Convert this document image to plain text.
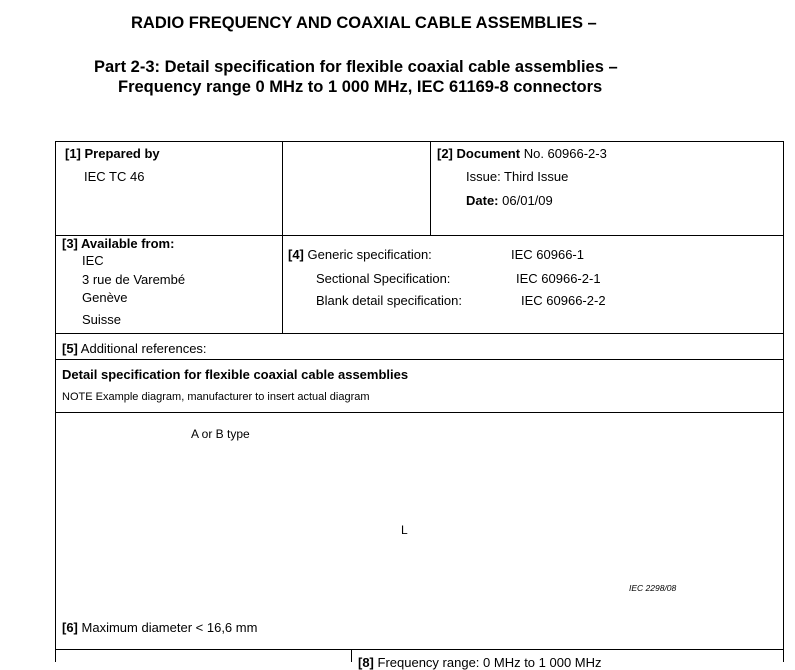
RADIO FREQUENCY AND COAXIAL CABLE ASSEMBLIES –
Part 2-3: Detail specification for flexible coaxial cable assemblies –
Frequency range 0 MHz to 1 000 MHz, IEC 61169-8 connectors
[1] Prepared by
IEC TC 46
[2] Document No. 60966-2-3
Issue: Third Issue
Date: 06/01/09
[3] Available from:
IEC
3 rue de Varembé
Genève
Suisse
[4] Generic specification:	IEC 60966-1
Sectional Specification:	IEC 60966-2-1
Blank detail specification:	IEC 60966-2-2
[5] Additional references:
Detail specification for flexible coaxial cable assemblies
NOTE Example diagram, manufacturer to insert actual diagram
A or B type
L
IEC 2298/08
[6] Maximum diameter < 16,6 mm
[8] Frequency range: 0 MHz to 1 000 MHz
